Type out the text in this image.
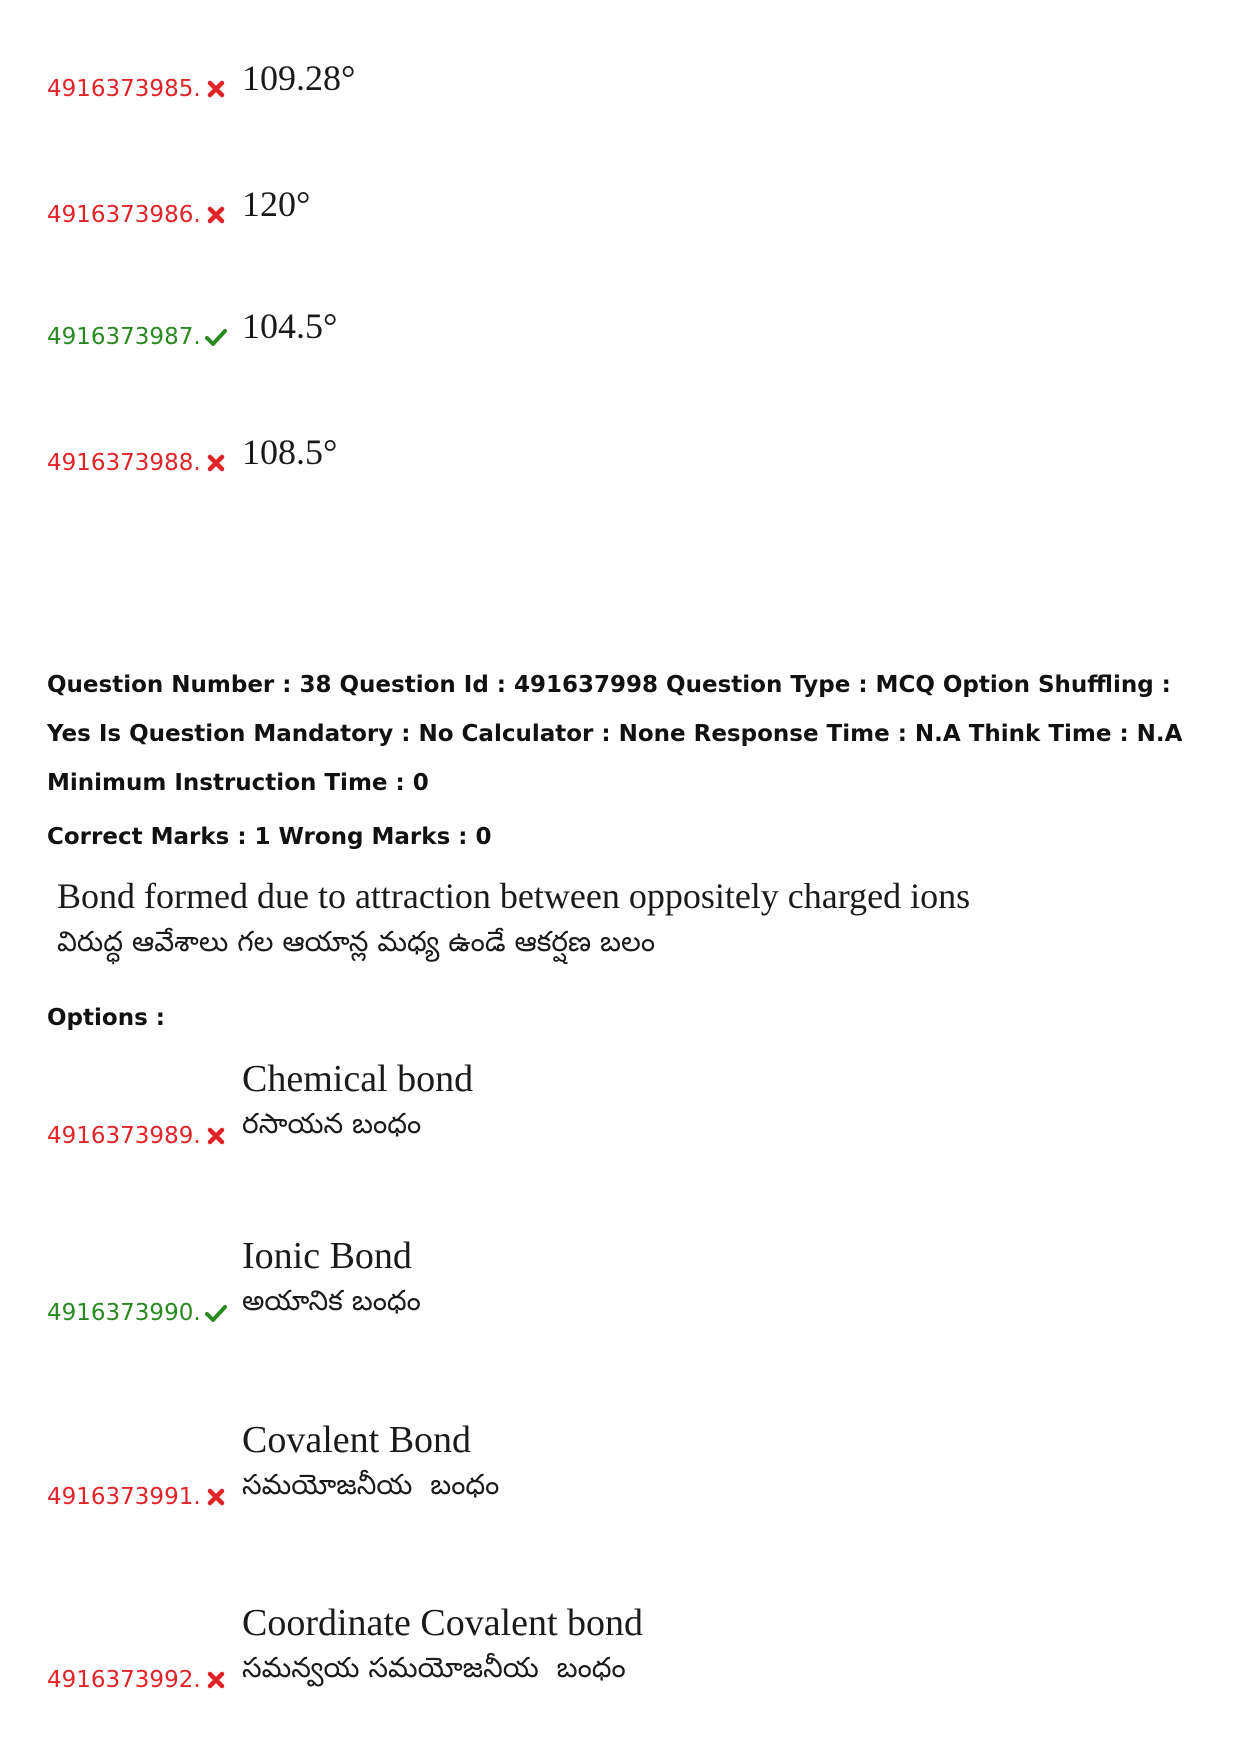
4916373985. 109.28°
4916373986. 120°
4916373987. 104.5°
4916373988. 108.5°
Question Number : 38 Question Id : 491637998 Question Type : MCQ Option Shuffling : Yes Is Question Mandatory : No Calculator : None Response Time : N.A Think Time : N.A Minimum Instruction Time : 0
Correct Marks : 1 Wrong Marks : 0
Bond formed due to attraction between oppositely charged ions
విరుద్ధ ఆవేశాలు గల ఆయాన్ల మధ్య ఉండే ఆకర్షణ బలం
Options :
Chemical bond
రసాయన బంధం
4916373989.
Ionic Bond
అయానిక బంధం
4916373990.
Covalent Bond
సమయోజనీయ  బంధం
4916373991.
Coordinate Covalent bond
సమన్వయ సమయోజనీయ  బంధం
4916373992.
